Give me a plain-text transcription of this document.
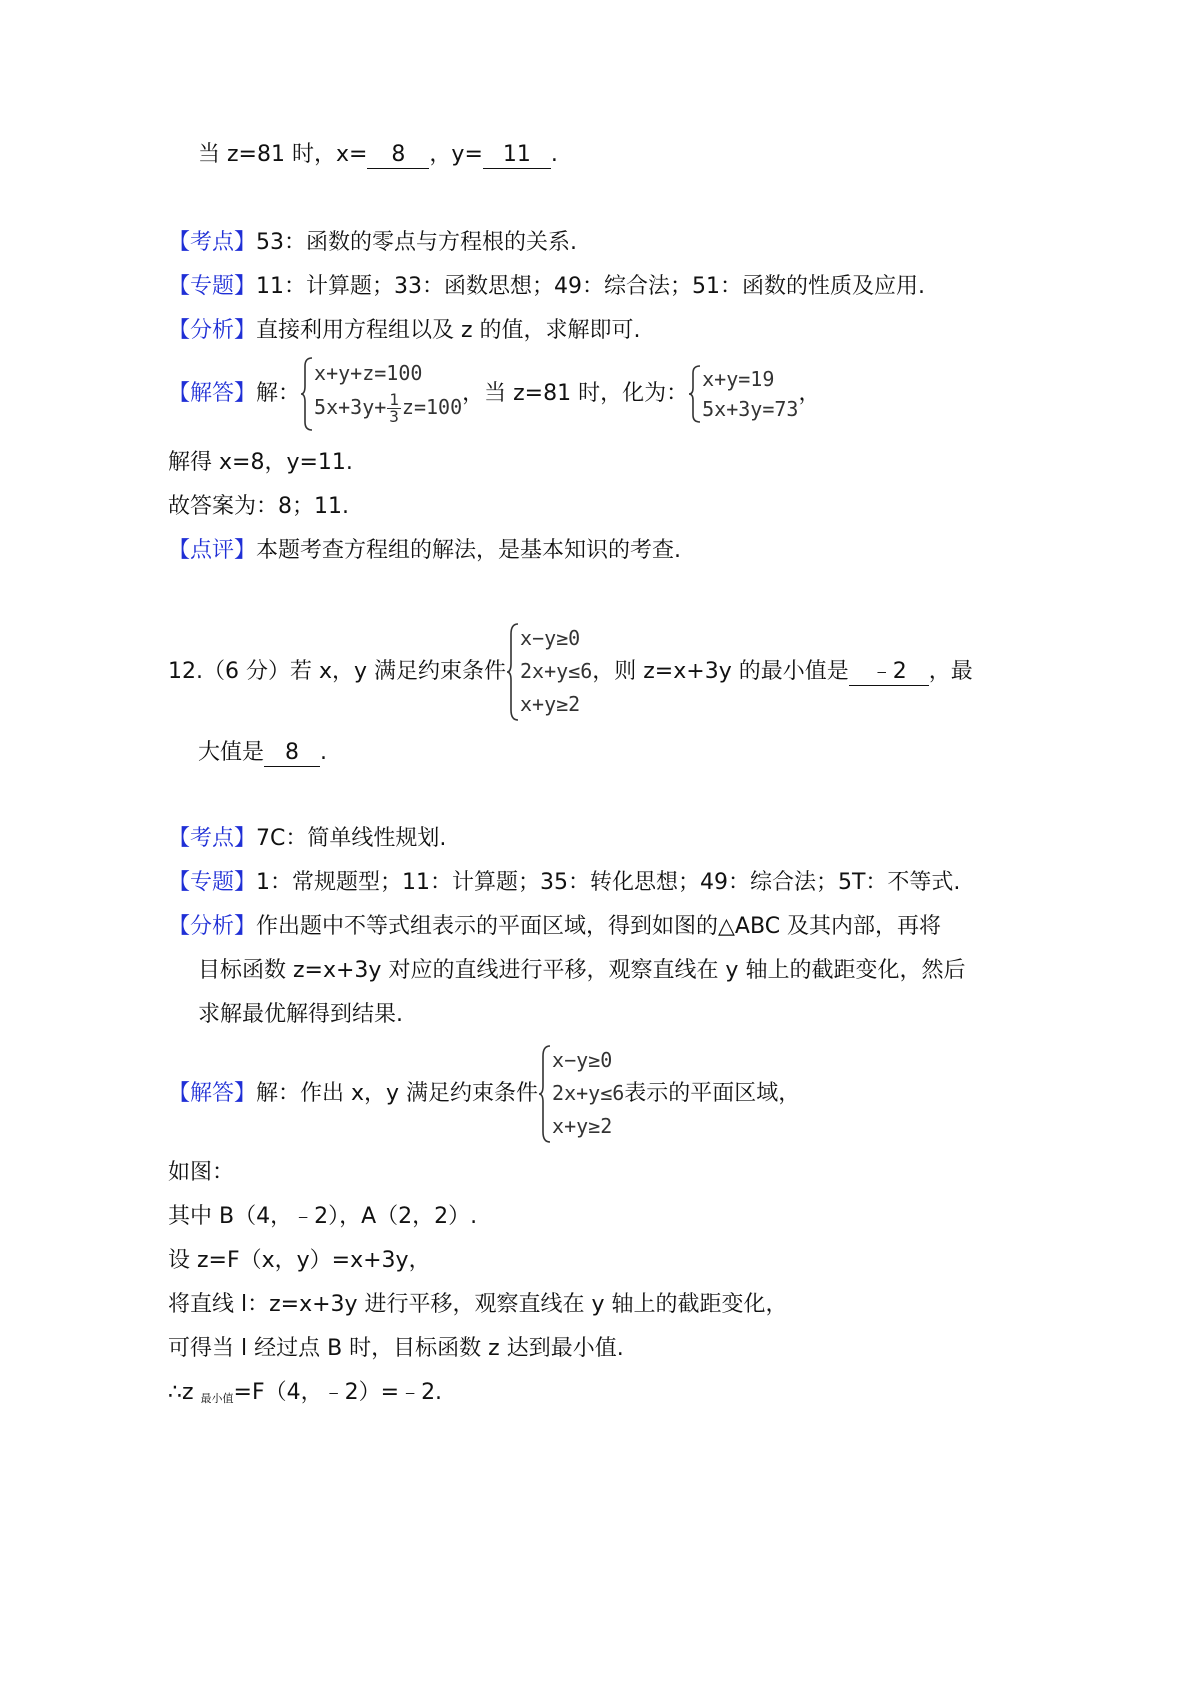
当 z=81 时，x= 8 ，y= 11 .
【考点】53：函数的零点与方程根的关系.
【专题】11：计算题；33：函数思想；49：综合法；51：函数的性质及应用.
【分析】直接利用方程组以及 z 的值，求解即可.
【解答】解：
x+y+z=100
$5x+3y+ \frac{1}{3} z=100$
，当 z=81 时，化为：
x+y=19
5x+3y=73
，
解得 x=8，y=11.
故答案为：8；11.
【点评】本题考查方程组的解法，是基本知识的考查.
12.（6 分）若 x，y 满足约束条件
x−y≥0
2x+y≤6
x+y≥2
，则 z=x+3y 的最小值是 ﹣2 ，最
大值是 8 .
【考点】7C：简单线性规划.
【专题】1：常规题型；11：计算题；35：转化思想；49：综合法；5T：不等式.
【分析】作出题中不等式组表示的平面区域，得到如图的△ABC 及其内部，再将
目标函数 z=x+3y 对应的直线进行平移，观察直线在 y 轴上的截距变化，然后
求解最优解得到结果.
【解答】解：作出 x，y 满足约束条件
x−y≥0
2x+y≤6
x+y≥2
表示的平面区域，
如图：
其中 B（4，﹣2），A（2，2）.
设 z=F（x，y）=x+3y，
将直线 l：z=x+3y 进行平移，观察直线在 y 轴上的截距变化，
可得当 l 经过点 B 时，目标函数 z 达到最小值.
∴z $_{最小值}$=F（4，﹣2）=﹣2.
